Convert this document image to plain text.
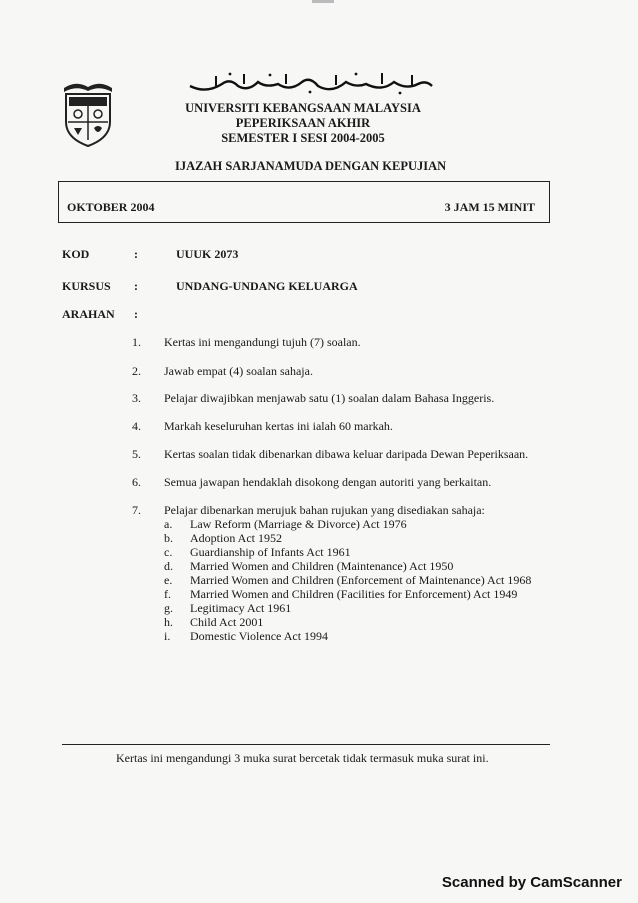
UNIVERSITI KEBANGSAAN MALAYSIA
PEPERIKSAAN AKHIR
SEMESTER I SESI 2004-2005
IJAZAH SARJANAMUDA DENGAN KEPUJIAN
OKTOBER 2004	3 JAM 15 MINIT
KOD	:	UUUK 2073
KURSUS :	UNDANG-UNDANG KELUARGA
ARAHAN :
1. Kertas ini mengandungi tujuh (7) soalan.
2. Jawab empat (4) soalan sahaja.
3. Pelajar diwajibkan menjawab satu (1) soalan dalam Bahasa Inggeris.
4. Markah keseluruhan kertas ini ialah 60 markah.
5. Kertas soalan tidak dibenarkan dibawa keluar daripada Dewan Peperiksaan.
6. Semua jawapan hendaklah disokong dengan autoriti yang berkaitan.
7. Pelajar dibenarkan merujuk bahan rujukan yang disediakan sahaja:
a. Law Reform (Marriage & Divorce) Act 1976
b. Adoption Act 1952
c. Guardianship of Infants Act 1961
d. Married Women and Children (Maintenance) Act 1950
e. Married Women and Children (Enforcement of Maintenance) Act 1968
f. Married Women and Children (Facilities for Enforcement) Act 1949
g. Legitimacy Act 1961
h. Child Act 2001
i. Domestic Violence Act 1994
Kertas ini mengandungi 3 muka surat bercetak tidak termasuk muka surat ini.
Scanned by CamScanner
